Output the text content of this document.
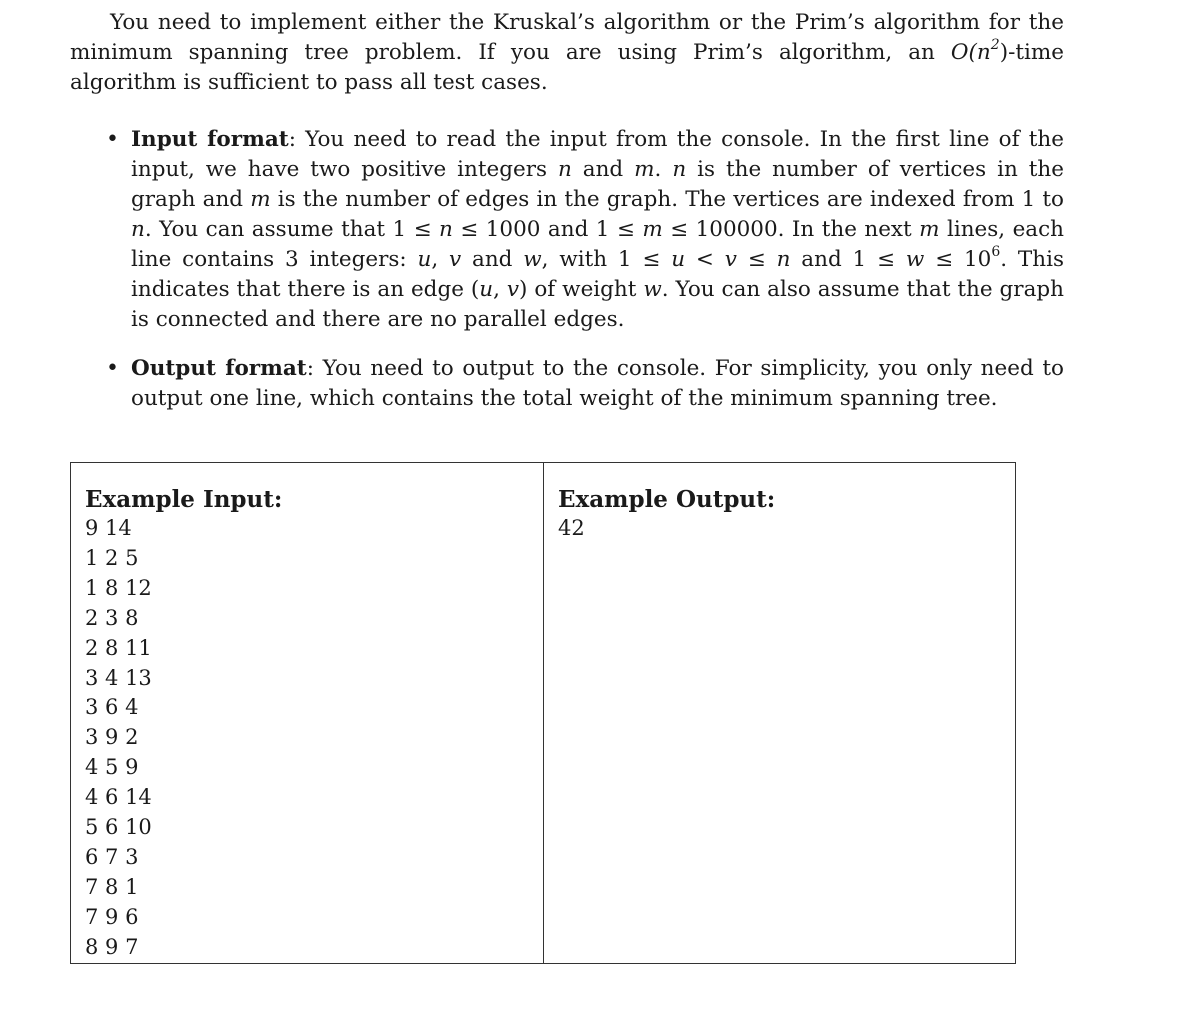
You need to implement either the Kruskal’s algorithm or the Prim’s algorithm for the minimum spanning tree problem. If you are using Prim’s algorithm, an $O(n^2)$-time algorithm is sufficient to pass all test cases.

• Input format: You need to read the input from the console. In the first line of the input, we have two positive integers n and m. n is the number of vertices in the graph and m is the number of edges in the graph. The vertices are indexed from 1 to n. You can assume that 1 ≤ n ≤ 1000 and 1 ≤ m ≤ 100000. In the next m lines, each line contains 3 integers: u, v and w, with 1 ≤ u < v ≤ n and $1 \le w \le 10^6$. This indicates that there is an edge (u, v) of weight w. You can also assume that the graph is connected and there are no parallel edges.
• Output format: You need to output to the console. For simplicity, you only need to output one line, which contains the total weight of the minimum spanning tree.
Example Input:
9 14
1 2 5
1 8 12
2 3 8
2 8 11
3 4 13
3 6 4
3 9 2
4 5 9
4 6 14
5 6 10
6 7 3
7 8 1
7 9 6
8 9 7
Example Output:
42
